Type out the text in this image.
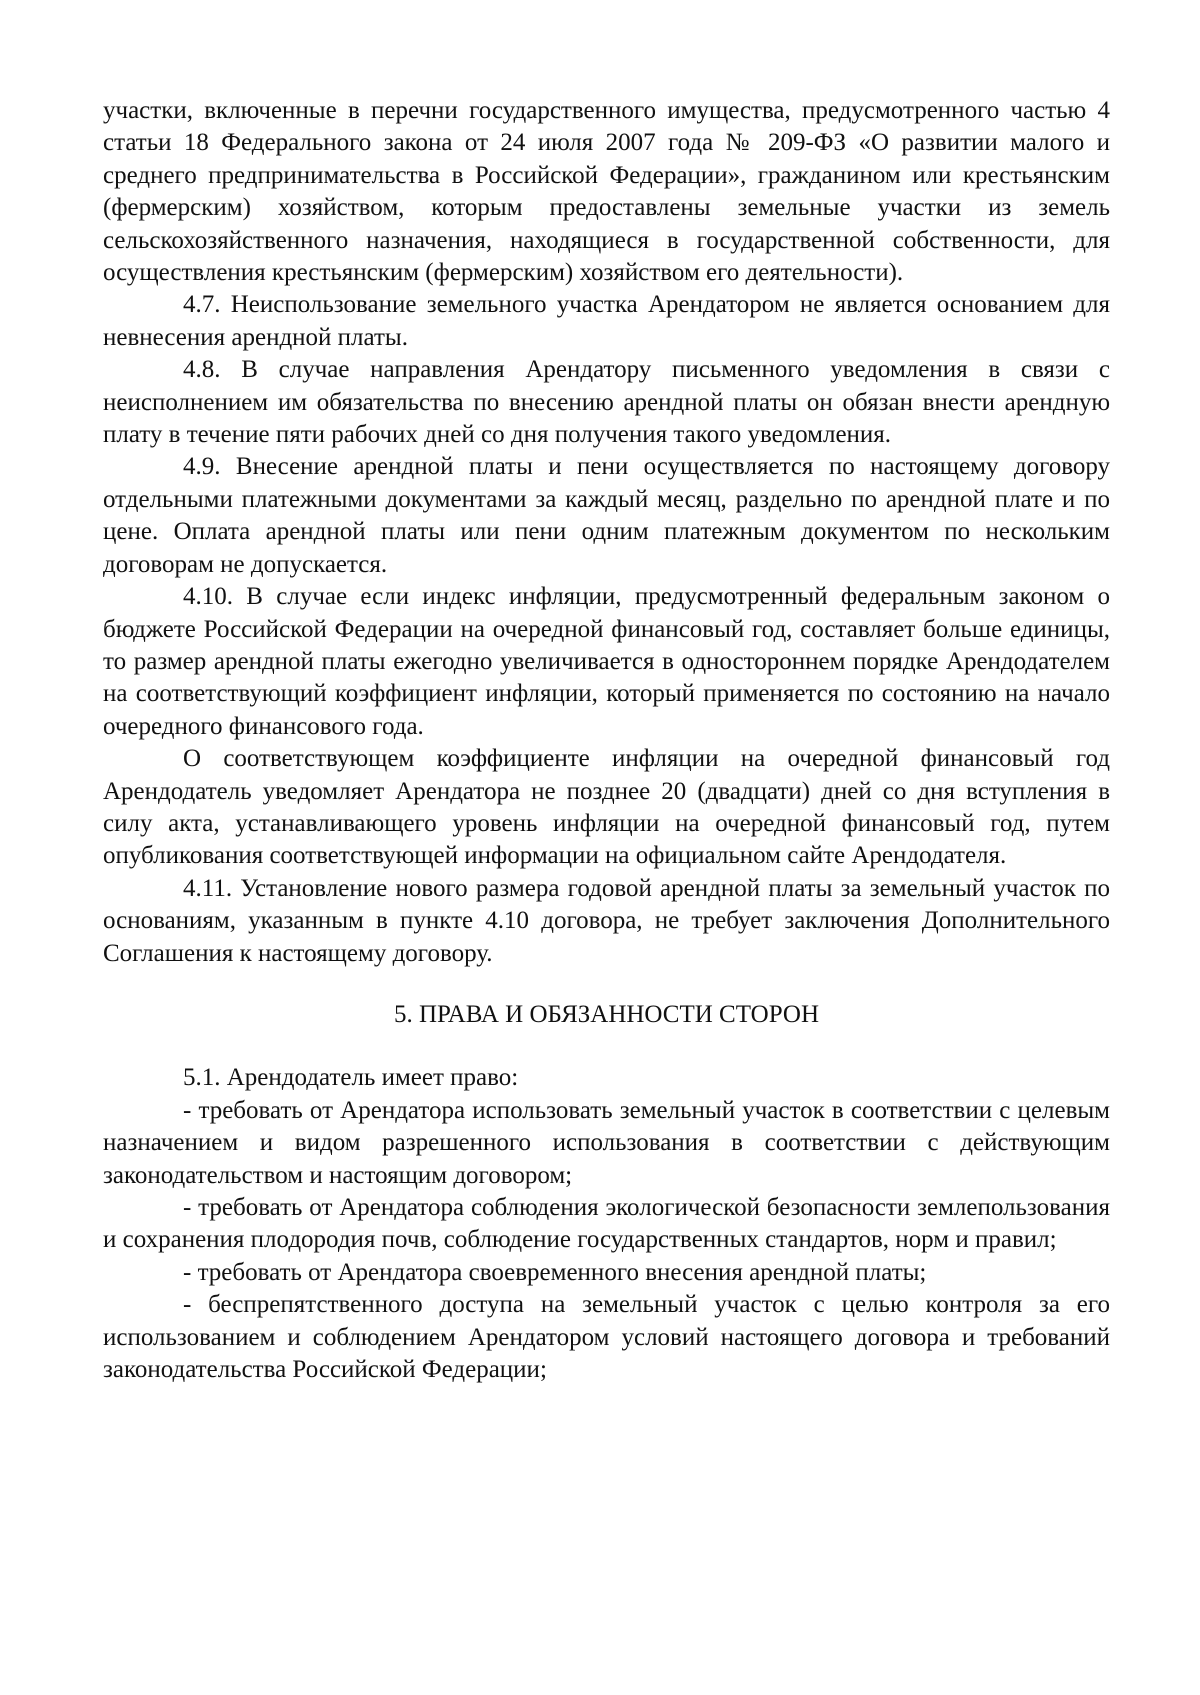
участки, включенные в перечни государственного имущества, предусмотренного частью 4 статьи 18 Федерального закона от 24 июля 2007 года № 209-ФЗ «О развитии малого и среднего предпринимательства в Российской Федерации», гражданином или крестьянским (фермерским) хозяйством, которым предоставлены земельные участки из земель сельскохозяйственного назначения, находящиеся в государственной собственности, для осуществления крестьянским (фермерским) хозяйством его деятельности).

4.7. Неиспользование земельного участка Арендатором не является основанием для невнесения арендной платы.

4.8. В случае направления Арендатору письменного уведомления в связи с неисполнением им обязательства по внесению арендной платы он обязан внести арендную плату в течение пяти рабочих дней со дня получения такого уведомления.

4.9. Внесение арендной платы и пени осуществляется по настоящему договору отдельными платежными документами за каждый месяц, раздельно по арендной плате и по цене. Оплата арендной платы или пени одним платежным документом по нескольким договорам не допускается.

4.10. В случае если индекс инфляции, предусмотренный федеральным законом о бюджете Российской Федерации на очередной финансовый год, составляет больше единицы, то размер арендной платы ежегодно увеличивается в одностороннем порядке Арендодателем на соответствующий коэффициент инфляции, который применяется по состоянию на начало очередного финансового года.

О соответствующем коэффициенте инфляции на очередной финансовый год Арендодатель уведомляет Арендатора не позднее 20 (двадцати) дней со дня вступления в силу акта, устанавливающего уровень инфляции на очередной финансовый год, путем опубликования соответствующей информации на официальном сайте Арендодателя.

4.11. Установление нового размера годовой арендной платы за земельный участок по основаниям, указанным в пункте 4.10 договора, не требует заключения Дополнительного Соглашения к настоящему договору.

5. ПРАВА И ОБЯЗАННОСТИ СТОРОН

5.1. Арендодатель имеет право:

- требовать от Арендатора использовать земельный участок в соответствии с целевым назначением и видом разрешенного использования в соответствии с действующим законодательством и настоящим договором;

- требовать от Арендатора соблюдения экологической безопасности землепользования и сохранения плодородия почв, соблюдение государственных стандартов, норм и правил;

- требовать от Арендатора своевременного внесения арендной платы;

- беспрепятственного доступа на земельный участок с целью контроля за его использованием и соблюдением Арендатором условий настоящего договора и требований законодательства Российской Федерации;
